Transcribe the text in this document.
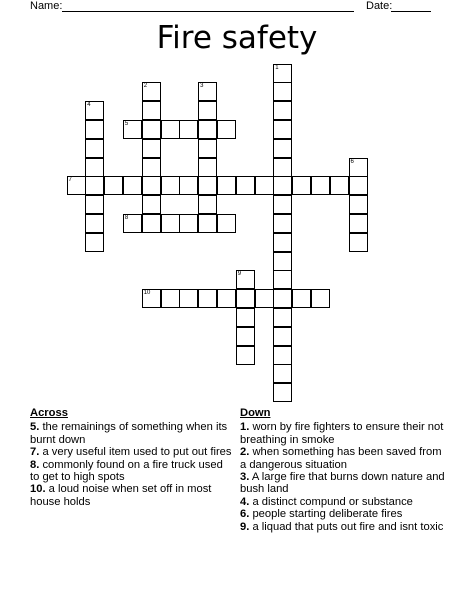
Name:	Date:
Fire safety
1
2	3
4
5
6
7
8
9
10
Across
5. the remainings of something when its burnt down
7. a very useful item used to put out fires
8. commonly found on a fire truck used to get to high spots
10. a loud noise when set off in most house holds
Down
1. worn by fire fighters to ensure their not breathing in smoke
2. when something has been saved from a dangerous situation
3. A large fire that burns down nature and bush land
4. a distinct compund or substance
6. people starting deliberate fires
9. a liquad that puts out fire and isnt toxic
